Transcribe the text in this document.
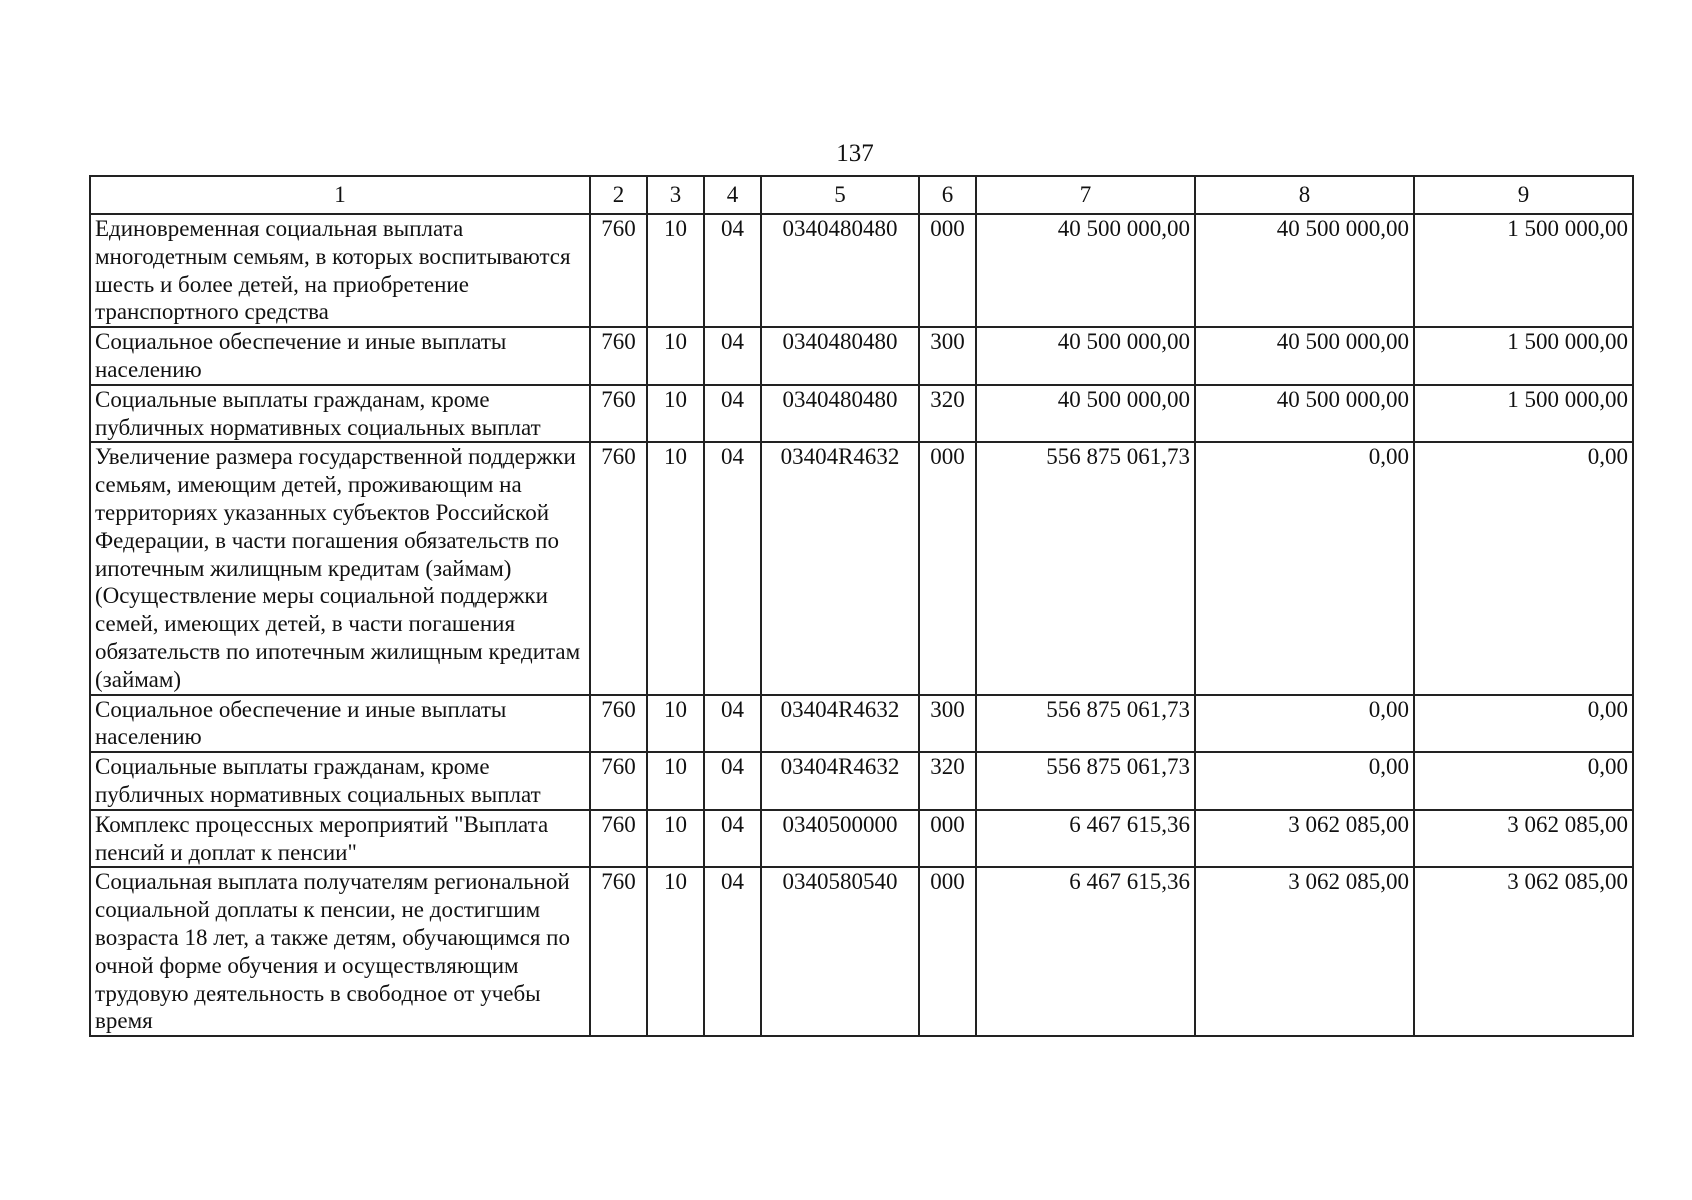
137
1	2	3	4	5	6	7	8	9
Единовременная социальная выплата многодетным семьям, в которых воспитываются шесть и более детей, на приобретение транспортного средства	760	10	04	0340480480	000	40 500 000,00	40 500 000,00	1 500 000,00
Социальное обеспечение и иные выплаты населению	760	10	04	0340480480	300	40 500 000,00	40 500 000,00	1 500 000,00
Социальные выплаты гражданам, кроме публичных нормативных социальных выплат	760	10	04	0340480480	320	40 500 000,00	40 500 000,00	1 500 000,00
Увеличение размера государственной поддержки семьям, имеющим детей, проживающим на территориях указанных субъектов Российской Федерации, в части погашения обязательств по ипотечным жилищным кредитам (займам) (Осуществление меры социальной поддержки семей, имеющих детей, в части погашения обязательств по ипотечным жилищным кредитам (займам)	760	10	04	03404R4632	000	556 875 061,73	0,00	0,00
Социальное обеспечение и иные выплаты населению	760	10	04	03404R4632	300	556 875 061,73	0,00	0,00
Социальные выплаты гражданам, кроме публичных нормативных социальных выплат	760	10	04	03404R4632	320	556 875 061,73	0,00	0,00
Комплекс процессных мероприятий "Выплата пенсий и доплат к пенсии"	760	10	04	0340500000	000	6 467 615,36	3 062 085,00	3 062 085,00
Социальная выплата получателям региональной социальной доплаты к пенсии, не достигшим возраста 18 лет, а также детям, обучающимся по очной форме обучения и осуществляющим трудовую деятельность в свободное от учебы время	760	10	04	0340580540	000	6 467 615,36	3 062 085,00	3 062 085,00
